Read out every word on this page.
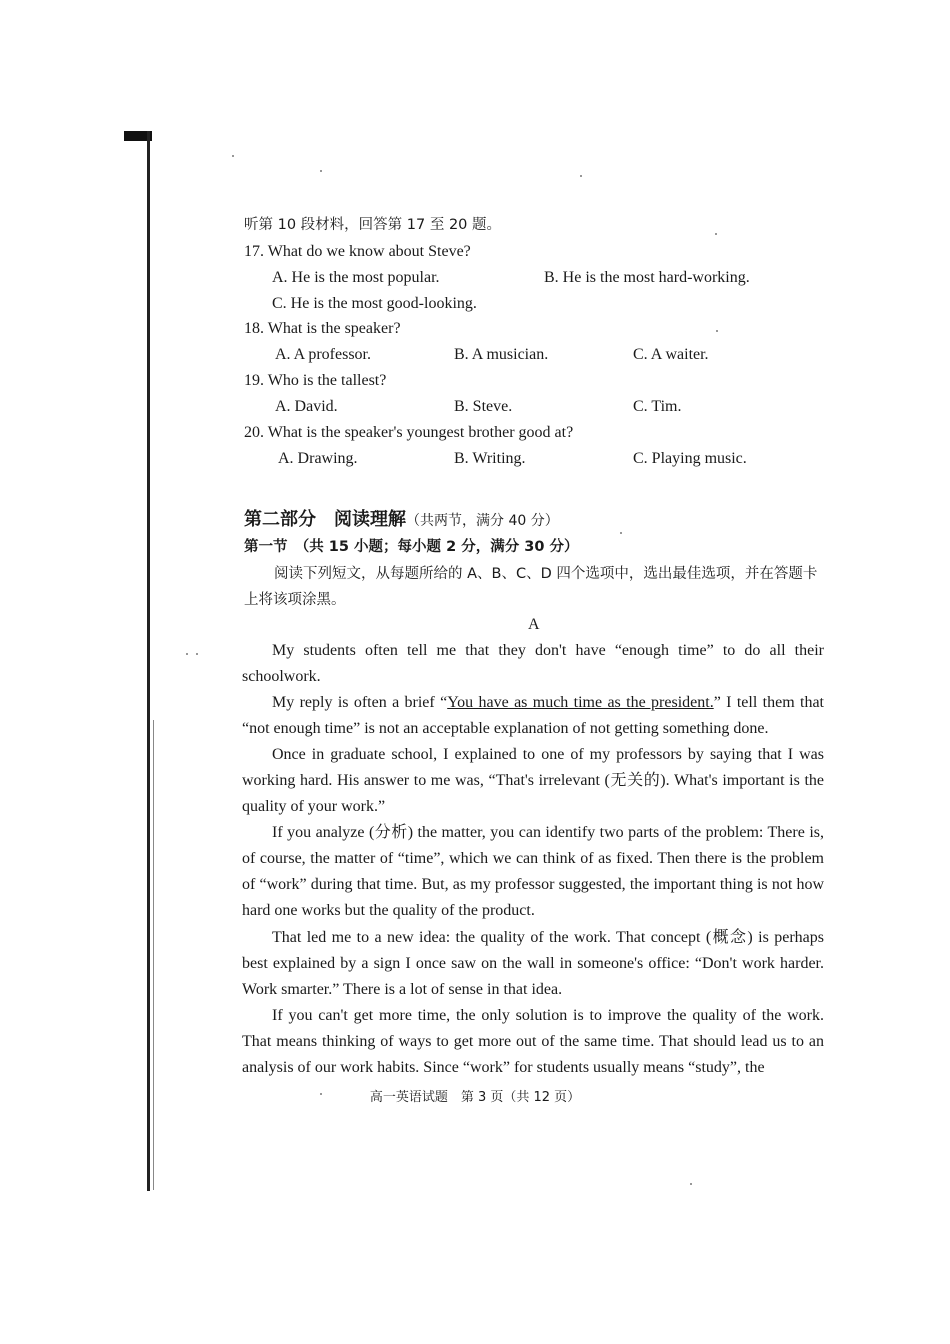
听第 10 段材料，回答第 17 至 20 题。
17. What do we know about Steve?
A. He is the most popular.	B. He is the most hard-working.
C. He is the most good-looking.
18. What is the speaker?
A. A professor.	B. A musician.	C. A waiter.
19. Who is the tallest?
A. David.	B. Steve.	C. Tim.
20. What is the speaker's youngest brother good at?
A. Drawing.	B. Writing.	C. Playing music.
第二部分　阅读理解（共两节，满分 40 分）
第一节　（共 15 小题；每小题 2 分，满分 30 分）
阅读下列短文，从每题所给的 A、B、C、D 四个选项中，选出最佳选项，并在答题卡
上将该项涂黑。
A
My students often tell me that they don't have “enough time” to do all their schoolwork.
My reply is often a brief “You have as much time as the president.” I tell them that “not enough time” is not an acceptable explanation of not getting something done.
Once in graduate school, I explained to one of my professors by saying that I was working hard. His answer to me was, “That's irrelevant (无关的). What's important is the quality of your work.”
If you analyze (分析) the matter, you can identify two parts of the problem: There is, of course, the matter of “time”, which we can think of as fixed. Then there is the problem of “work” during that time. But, as my professor suggested, the important thing is not how hard one works but the quality of the product.
That led me to a new idea: the quality of the work. That concept (概念) is perhaps best explained by a sign I once saw on the wall in someone's office: “Don't work harder. Work smarter.” There is a lot of sense in that idea.
If you can't get more time, the only solution is to improve the quality of the work. That means thinking of ways to get more out of the same time. That should lead us to an analysis of our work habits. Since “work” for students usually means “study”, the
高一英语试题　第 3 页（共 12 页）
